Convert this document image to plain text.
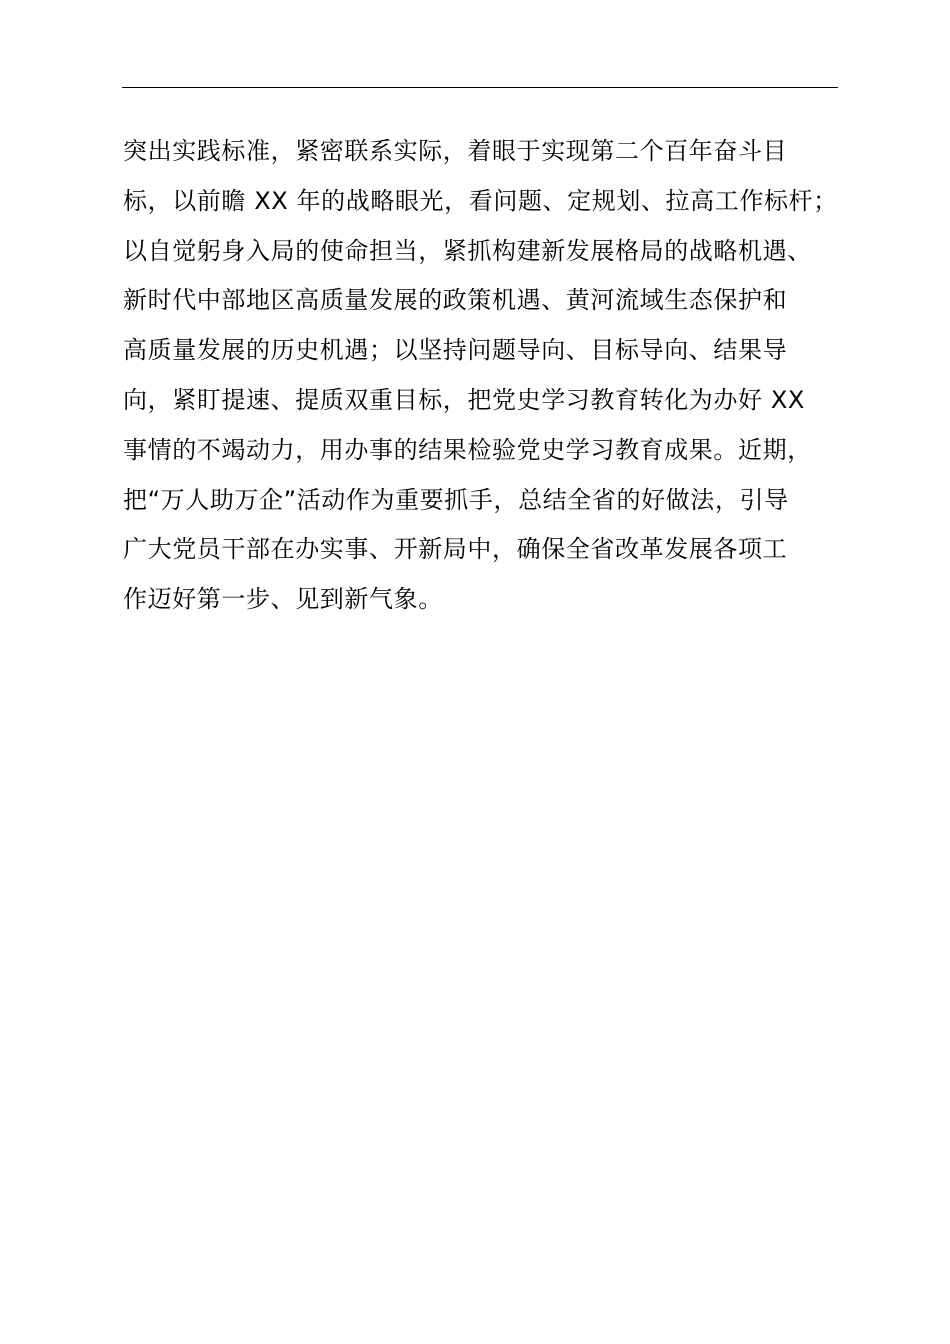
突出实践标准，紧密联系实际，着眼于实现第二个百年奋斗目
标，以前瞻 XX 年的战略眼光，看问题、定规划、拉高工作标杆；
以自觉躬身入局的使命担当，紧抓构建新发展格局的战略机遇、
新时代中部地区高质量发展的政策机遇、黄河流域生态保护和
高质量发展的历史机遇；以坚持问题导向、目标导向、结果导
向，紧盯提速、提质双重目标，把党史学习教育转化为办好 XX
事情的不竭动力，用办事的结果检验党史学习教育成果。近期，
把“万人助万企”活动作为重要抓手，总结全省的好做法，引导
广大党员干部在办实事、开新局中，确保全省改革发展各项工
作迈好第一步、见到新气象。
